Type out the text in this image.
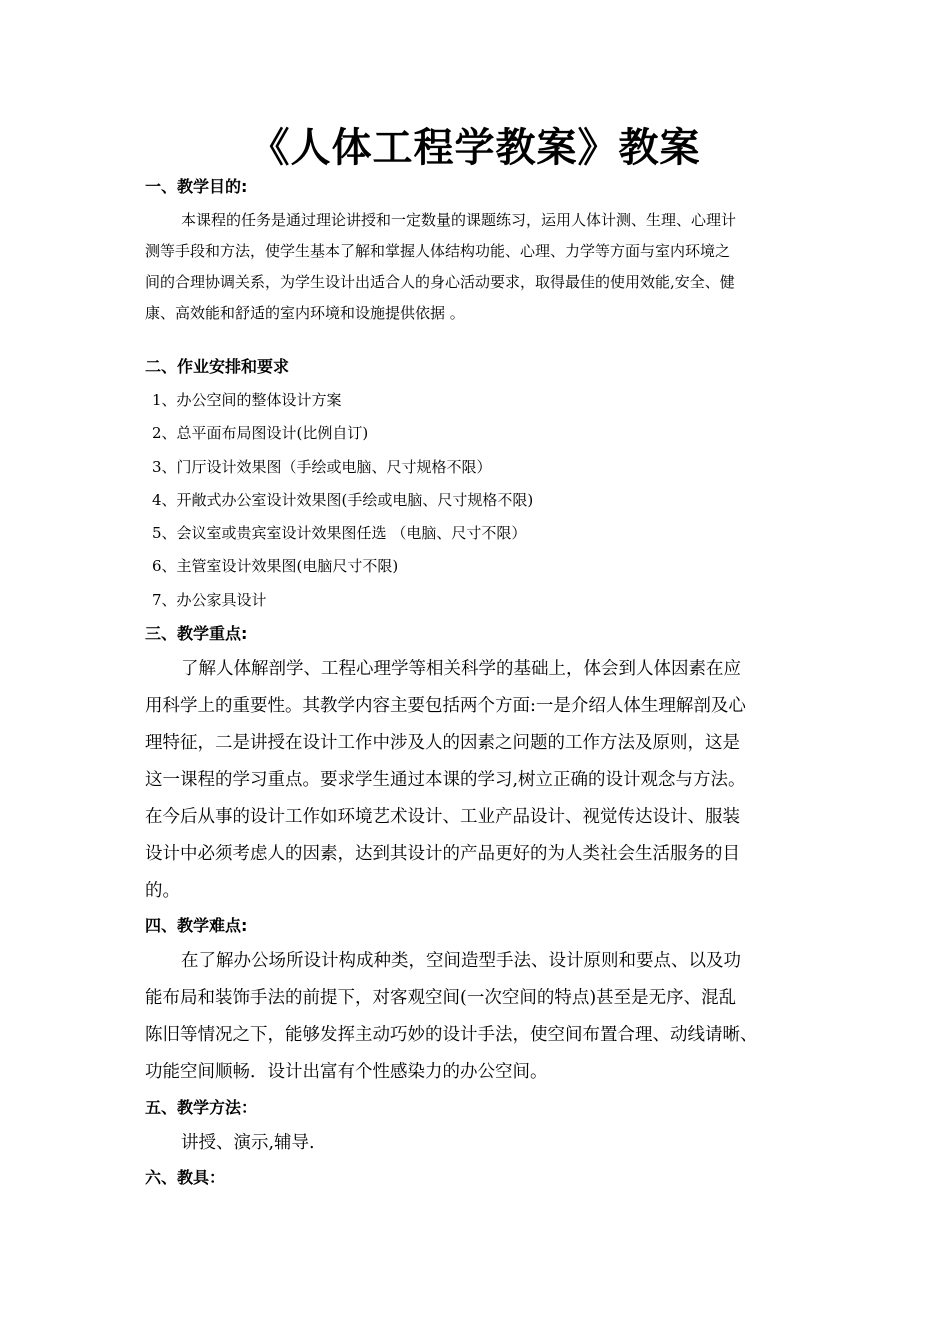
《人体工程学教案》教案
一、教学目的:
本课程的任务是通过理论讲授和一定数量的课题练习，运用人体计测、生理、心理计
测等手段和方法，使学生基本了解和掌握人体结构功能、心理、力学等方面与室内环境之
间的合理协调关系，为学生设计出适合人的身心活动要求，取得最佳的使用效能,安全、健
康、高效能和舒适的室内环境和设施提供依据 。
二、作业安排和要求
1、办公空间的整体设计方案
2、总平面布局图设计(比例自订)
3、门厅设计效果图（手绘或电脑、尺寸规格不限）
4、开敞式办公室设计效果图(手绘或电脑、尺寸规格不限)
5、会议室或贵宾室设计效果图任选 （电脑、尺寸不限）
6、主管室设计效果图(电脑尺寸不限)
7、办公家具设计
三、教学重点:
了解人体解剖学、工程心理学等相关科学的基础上，体会到人体因素在应
用科学上的重要性。其教学内容主要包括两个方面:一是介绍人体生理解剖及心
理特征，二是讲授在设计工作中涉及人的因素之问题的工作方法及原则，这是
这一课程的学习重点。要求学生通过本课的学习,树立正确的设计观念与方法。
在今后从事的设计工作如环境艺术设计、工业产品设计、视觉传达设计、服装
设计中必须考虑人的因素，达到其设计的产品更好的为人类社会生活服务的目
的。
四、教学难点:
在了解办公场所设计构成种类，空间造型手法、设计原则和要点、以及功
能布局和装饰手法的前提下，对客观空间(一次空间的特点)甚至是无序、混乱
陈旧等情况之下，能够发挥主动巧妙的设计手法，使空间布置合理、动线请晰、
功能空间顺畅．设计出富有个性感染力的办公空间。
五、教学方法：
讲授、演示,辅导.
六、教具：
